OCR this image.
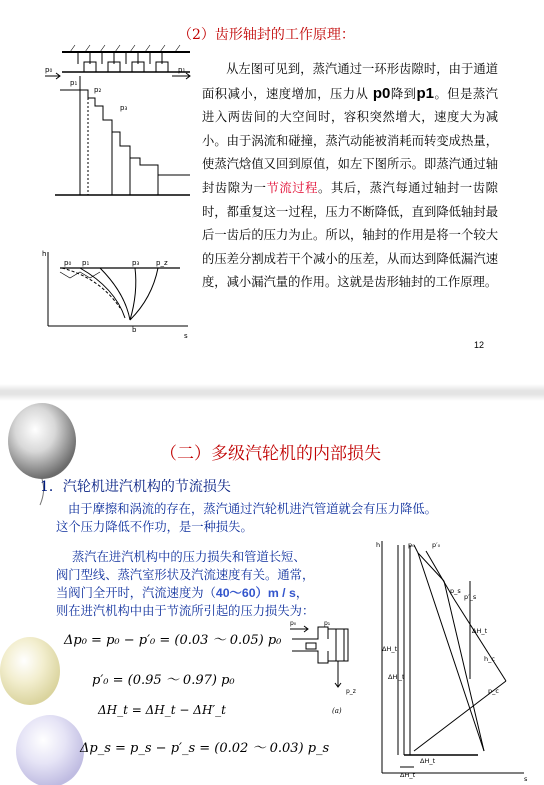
（2）齿形轴封的工作原理：
p₀	p₁
p₁
p₂
p₃
h
s
p₀ p₁	p₃ p_z
b
从左图可见到，蒸汽通过一环形齿隙时，由于通道面积减小，速度增加，压力从 p0降到p1。但是蒸汽进入两齿间的大空间时，容积突然增大，速度大为减小。由于涡流和碰撞，蒸汽动能被消耗而转变成热量，使蒸汽焓值又回到原值，如左下图所示。即蒸汽通过轴封齿隙为一节流过程。其后，蒸汽每通过轴封一齿隙时，都重复这一过程，压力不断降低，直到降低轴封最后一齿后的压力为止。所以，轴封的作用是将一个较大的压差分割成若干个减小的压差，从而达到降低漏汽速度，减小漏汽量的作用。这就是齿形轴封的工作原理。
12
（二）多级汽轮机的内部损失
1．汽轮机进汽机构的节流损失
由于摩擦和涡流的存在，蒸汽通过汽轮机进汽管道就会有压力降低。
这个压力降低不作功，是一种损失。
蒸汽在进汽机构中的压力损失和管道长短、
阀门型线、蒸汽室形状及汽流速度有关。通常，
当阀门全开时，汽流速度为（40～60）m / s，
则在进汽机构中由于节流所引起的压力损失为：
Δp₀ = p₀ − p′₀ = (0.03 ～ 0.05) p₀
p′₀ = (0.95 ～ 0.97) p₀
ΔH_t = ΔH_t − ΔH′_t
Δp_s = p_s − p′_s = (0.02 ～ 0.03) p_s
p₀	p₁
p_z
(a)
h
s
p₀	p′₀
p_s
p′_s
ΔH_t
ΔH_t
ΔH′_t
ΔH_t
ΔH_t
h_c
p_c
